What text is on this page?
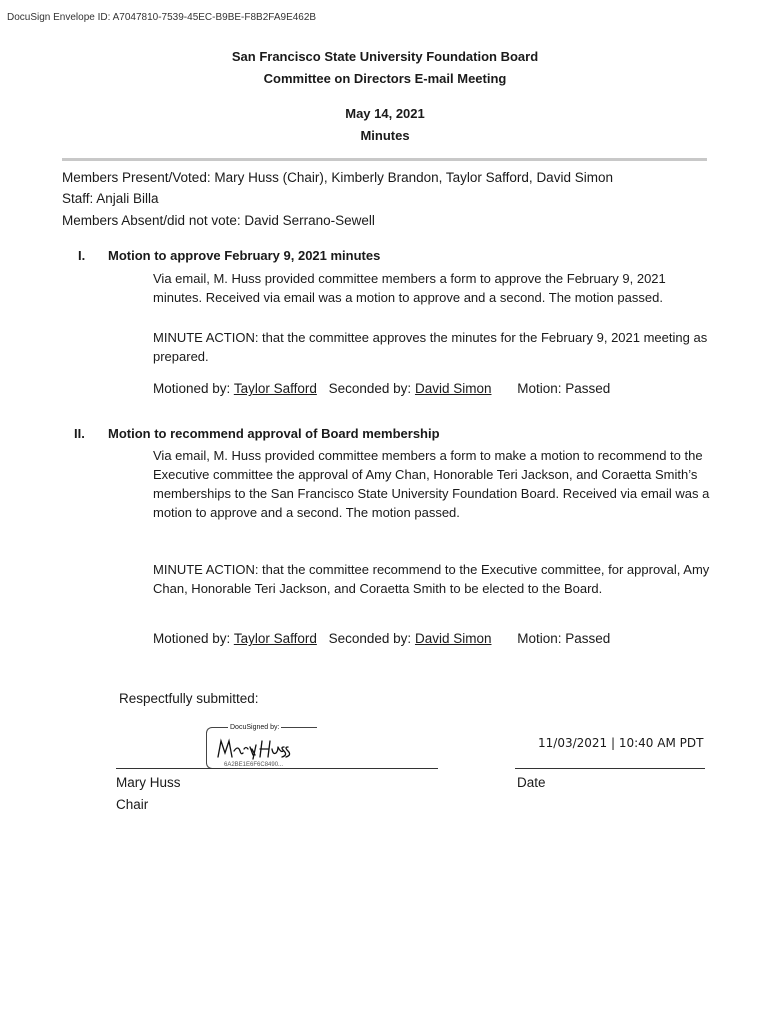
DocuSign Envelope ID: A7047810-7539-45EC-B9BE-F8B2FA9E462B
San Francisco State University Foundation Board
Committee on Directors E-mail Meeting
May 14, 2021
Minutes
Members Present/Voted: Mary Huss (Chair), Kimberly Brandon, Taylor Safford, David Simon
Staff: Anjali Billa
Members Absent/did not vote: David Serrano-Sewell
I. Motion to approve February 9, 2021 minutes
Via email, M. Huss provided committee members a form to approve the February 9, 2021 minutes. Received via email was a motion to approve and a second. The motion passed.
MINUTE ACTION: that the committee approves the minutes for the February 9, 2021 meeting as prepared.
Motioned by: Taylor Safford Seconded by: David Simon Motion: Passed
II. Motion to recommend approval of Board membership
Via email, M. Huss provided committee members a form to make a motion to recommend to the Executive committee the approval of Amy Chan, Honorable Teri Jackson, and Coraetta Smith’s memberships to the San Francisco State University Foundation Board. Received via email was a motion to approve and a second. The motion passed.
MINUTE ACTION: that the committee recommend to the Executive committee, for approval, Amy Chan, Honorable Teri Jackson, and Coraetta Smith to be elected to the Board.
Motioned by: Taylor Safford Seconded by: David Simon Motion: Passed
Respectfully submitted:
DocuSigned by:
6A2BE1E6F6C8490...
11/03/2021 | 10:40 AM PDT
Mary Huss
Chair
Date
